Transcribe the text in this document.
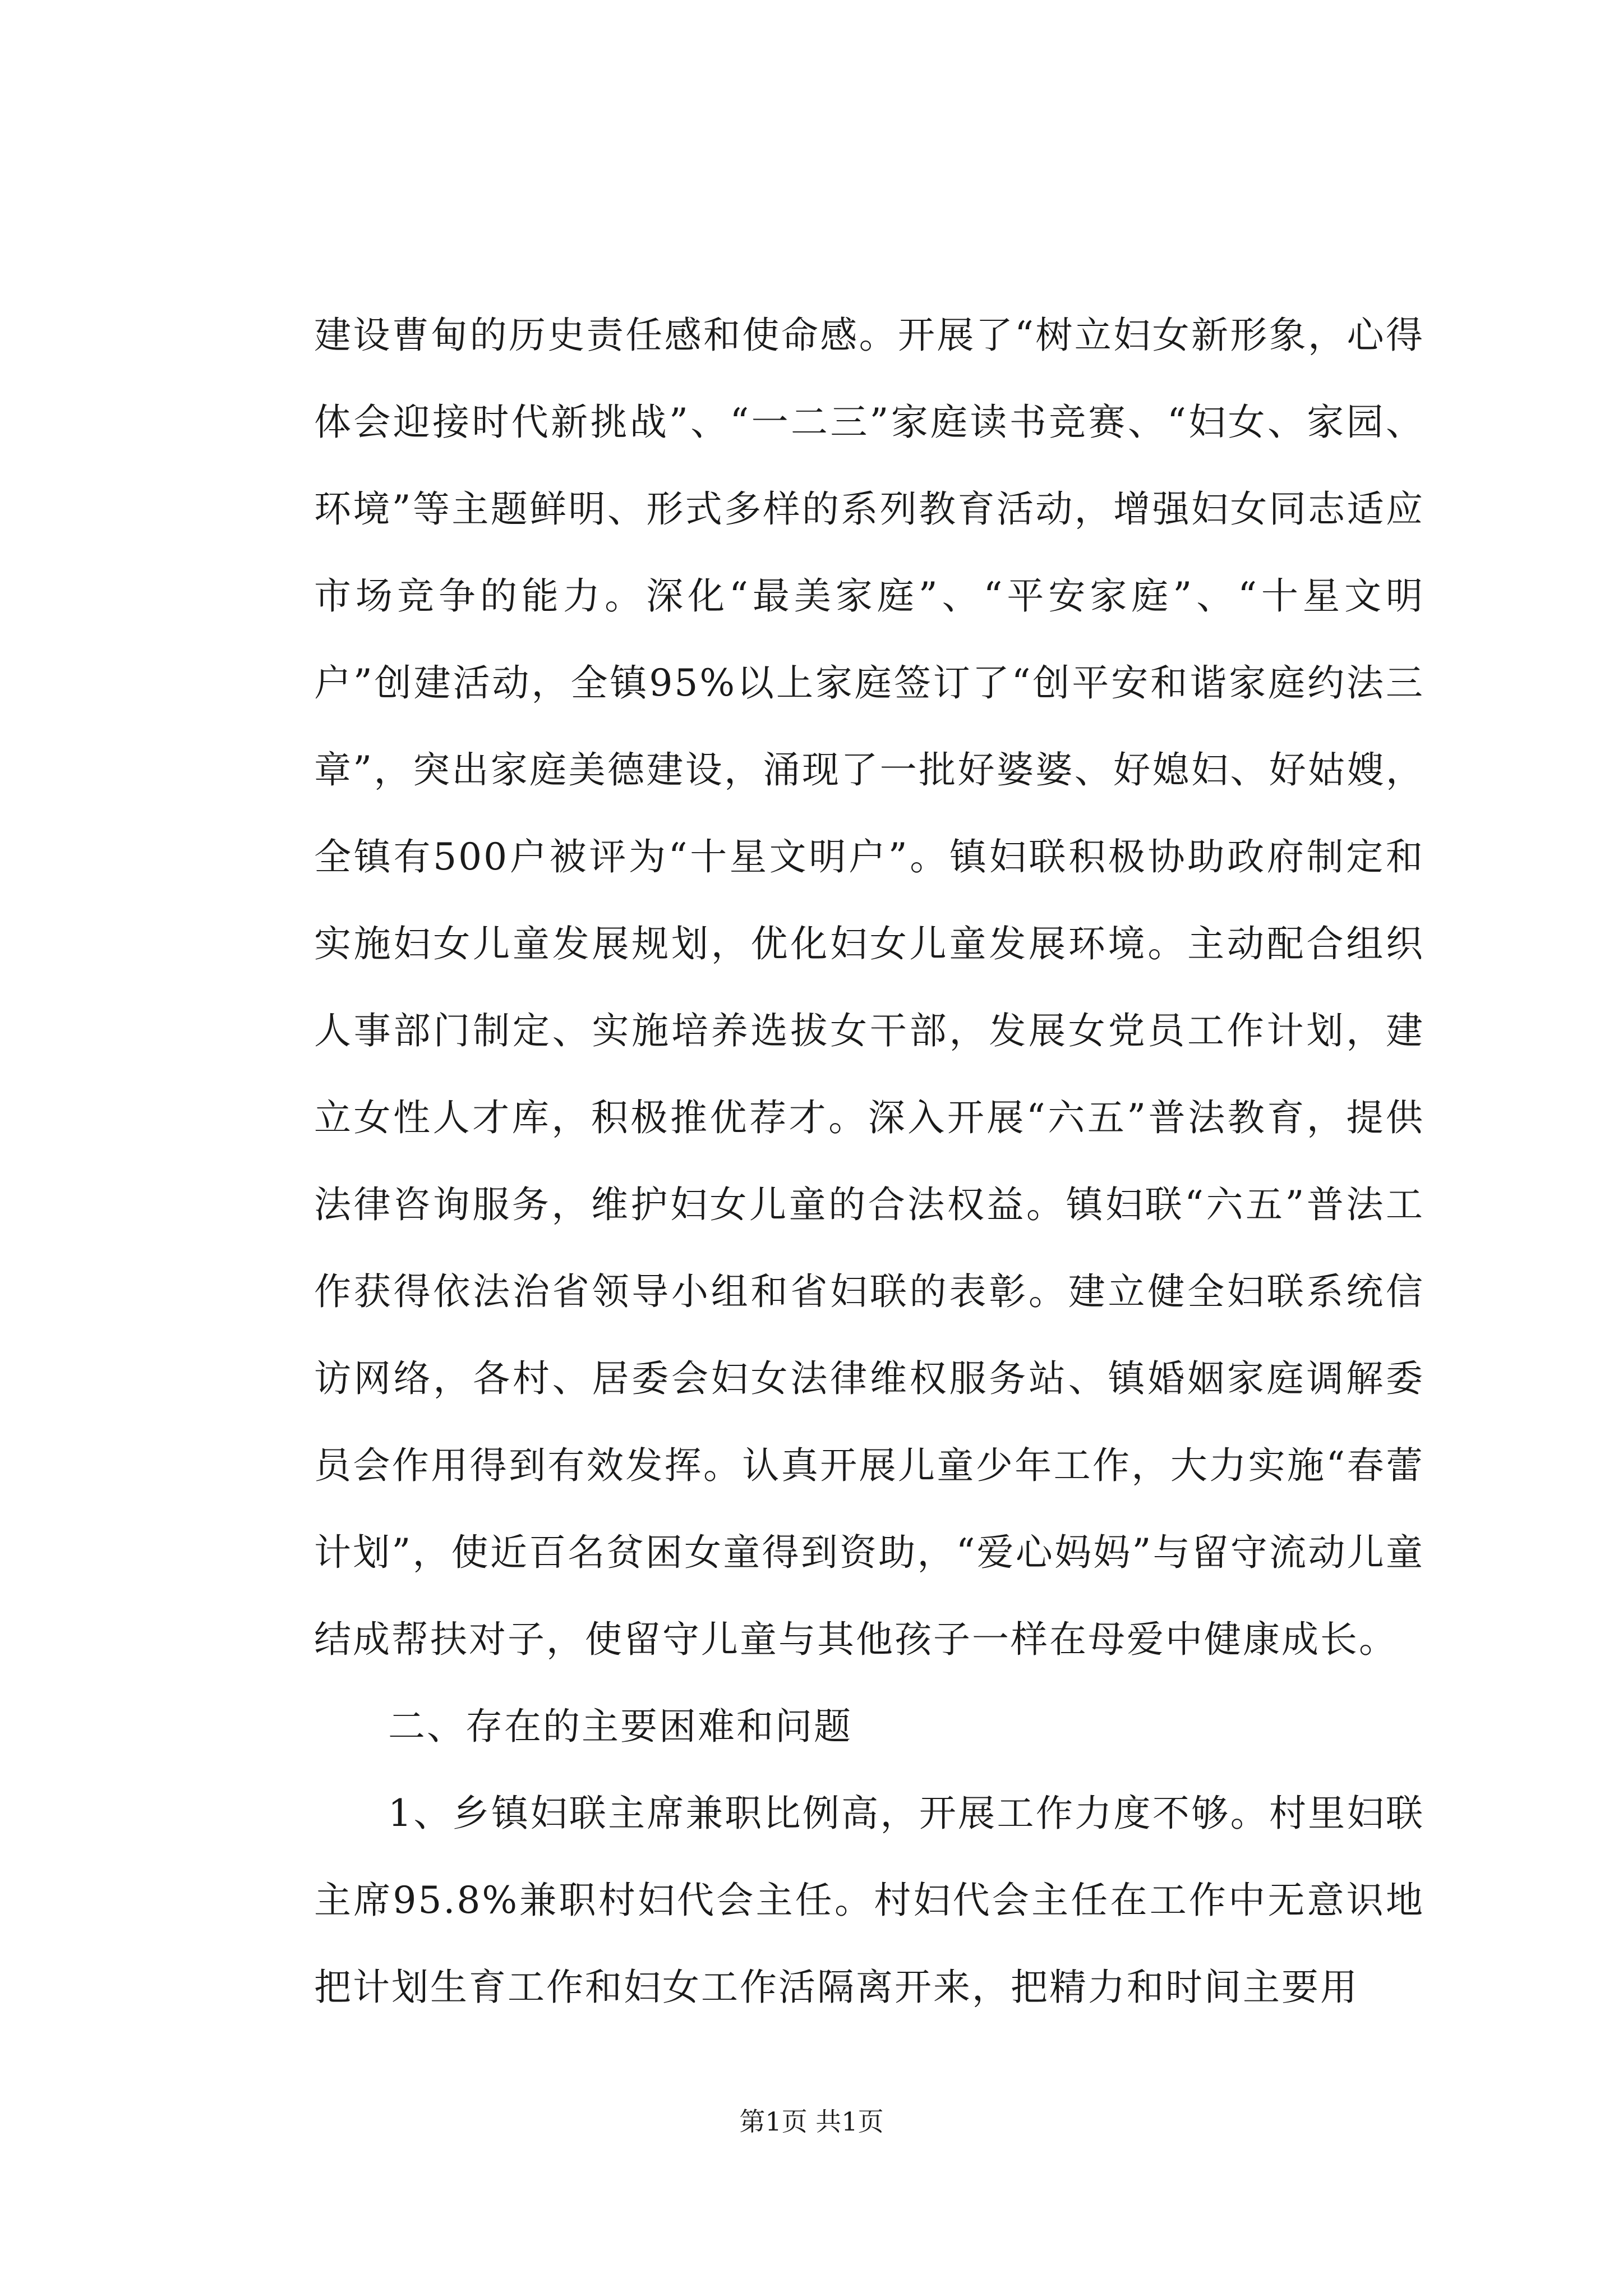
建设曹甸的历史责任感和使命感。开展了“树立妇女新形象，心得体会迎接时代新挑战”、“一二三”家庭读书竞赛、“妇女、家园、环境”等主题鲜明、形式多样的系列教育活动，增强妇女同志适应市场竞争的能力。深化“最美家庭”、“平安家庭”、“十星文明户”创建活动，全镇95%以上家庭签订了“创平安和谐家庭约法三章”，突出家庭美德建设，涌现了一批好婆婆、好媳妇、好姑嫂，全镇有500户被评为“十星文明户”。镇妇联积极协助政府制定和实施妇女儿童发展规划，优化妇女儿童发展环境。主动配合组织人事部门制定、实施培养选拔女干部，发展女党员工作计划，建立女性人才库，积极推优荐才。深入开展“六五”普法教育，提供法律咨询服务，维护妇女儿童的合法权益。镇妇联“六五”普法工作获得依法治省领导小组和省妇联的表彰。建立健全妇联系统信访网络，各村、居委会妇女法律维权服务站、镇婚姻家庭调解委员会作用得到有效发挥。认真开展儿童少年工作，大力实施“春蕾计划”，使近百名贫困女童得到资助，“爱心妈妈”与留守流动儿童结成帮扶对子，使留守儿童与其他孩子一样在母爱中健康成长。

二、存在的主要困难和问题

1、乡镇妇联主席兼职比例高，开展工作力度不够。村里妇联主席95.8%兼职村妇代会主任。村妇代会主任在工作中无意识地把计划生育工作和妇女工作活隔离开来，把精力和时间主要用

第1页 共1页
